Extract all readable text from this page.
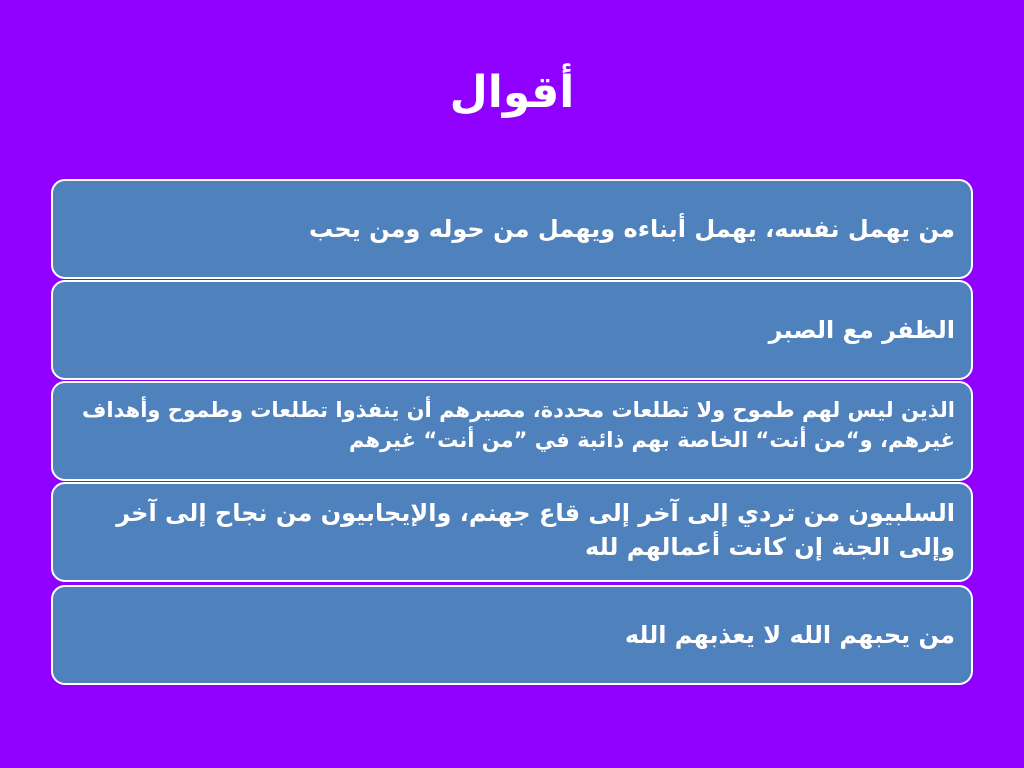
أقوال
من يهمل نفسه، يهمل أبناءه ويهمل من حوله ومن يحب
الظفر مع الصبر
الذين ليس لهم طموح ولا تطلعات محددة، مصيرهم أن ينفذوا تطلعات وطموح وأهداف غيرهم، و“من أنت“ الخاصة بهم ذائبة في ”من أنت“ غيرهم
السلبيون من تردي إلى آخر إلى قاع جهنم، والإيجابيون من نجاح إلى آخر وإلى الجنة إن كانت أعمالهم لله
من يحبهم الله لا يعذبهم الله
